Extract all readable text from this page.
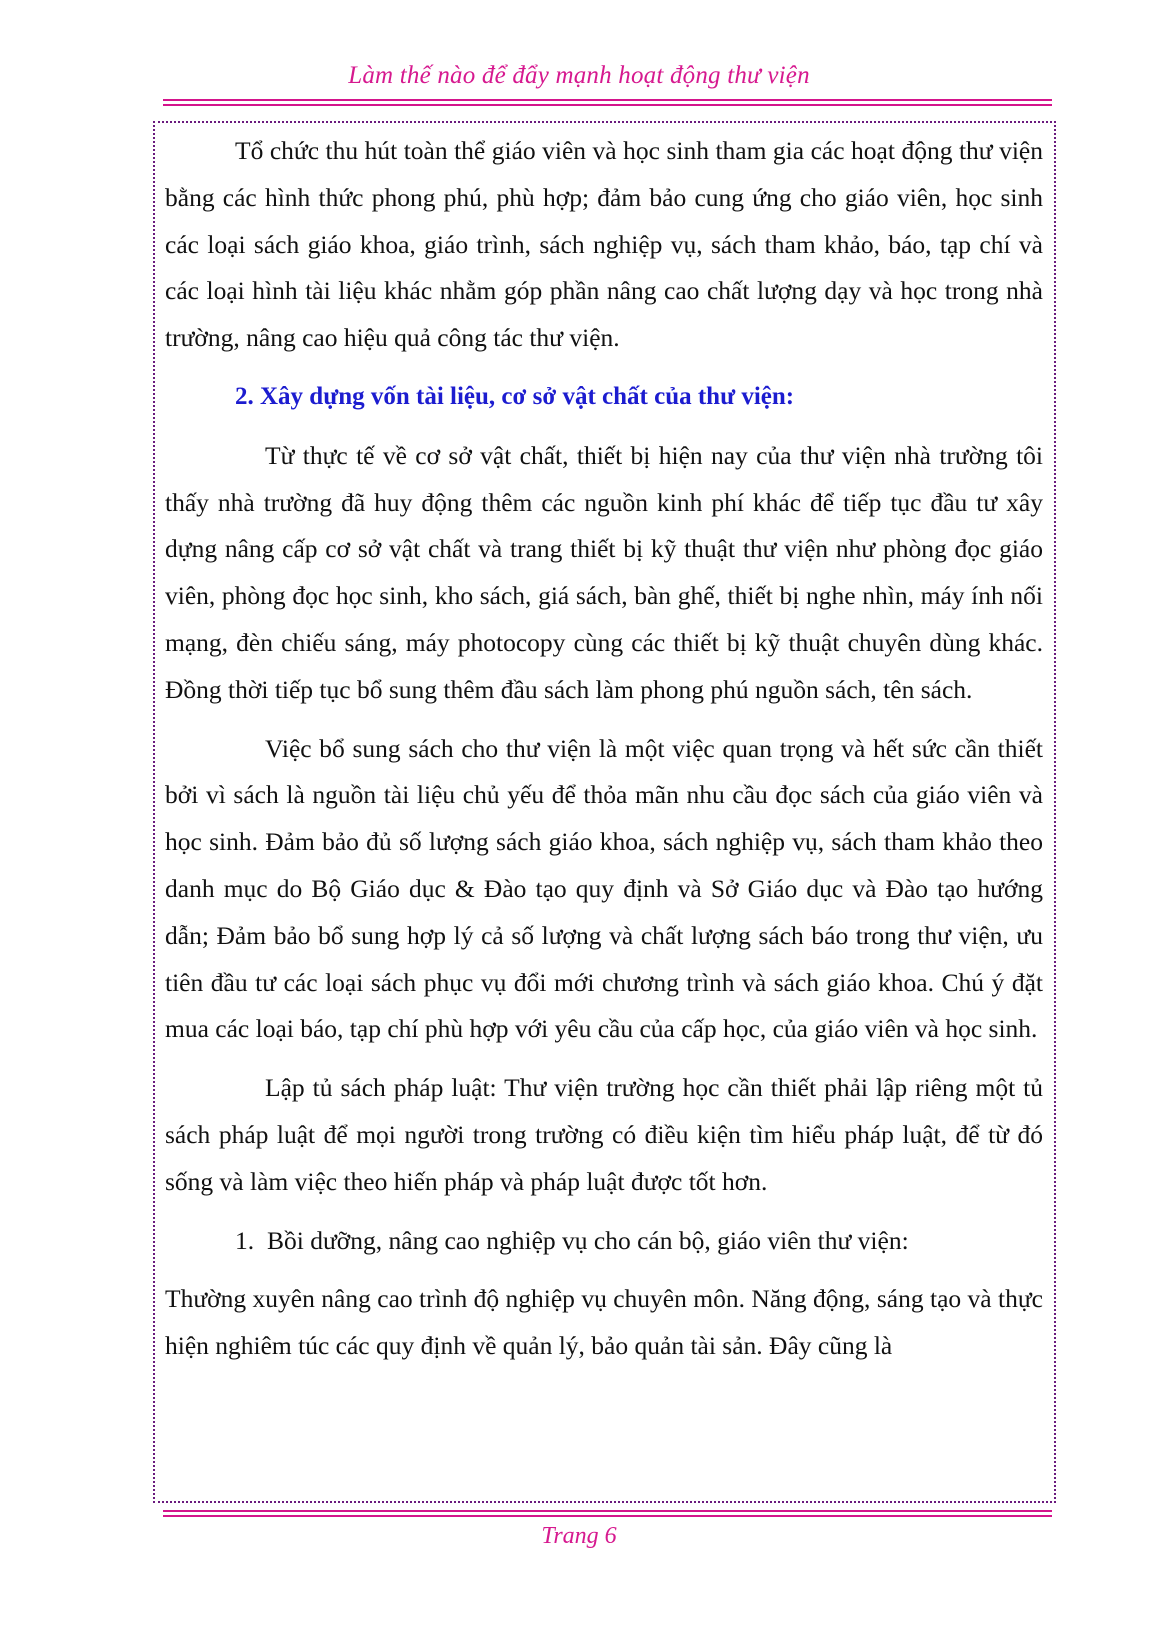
Làm thế nào để đẩy mạnh hoạt động thư viện

Tổ chức thu hút toàn thể giáo viên và học sinh tham gia các hoạt động thư viện bằng các hình thức phong phú, phù hợp; đảm bảo cung ứng cho giáo viên, học sinh các loại sách giáo khoa, giáo trình, sách nghiệp vụ, sách tham khảo, báo, tạp chí và các loại hình tài liệu khác nhằm góp phần nâng cao chất lượng dạy và học trong nhà trường, nâng cao hiệu quả công tác thư viện.

2. Xây dựng vốn tài liệu, cơ sở vật chất của thư viện:

Từ thực tế về cơ sở vật chất, thiết bị hiện nay của thư viện nhà trường tôi thấy nhà trường đã huy động thêm các nguồn kinh phí khác để tiếp tục đầu tư xây dựng nâng cấp cơ sở vật chất và trang thiết bị kỹ thuật thư viện như phòng đọc giáo viên, phòng đọc học sinh, kho sách, giá sách, bàn ghế, thiết bị nghe nhìn, máy ính nối mạng, đèn chiếu sáng, máy photocopy cùng các thiết bị kỹ thuật chuyên dùng khác. Đồng thời tiếp tục bổ sung thêm đầu sách làm phong phú nguồn sách, tên sách.

Việc bổ sung sách cho thư viện là một việc quan trọng và hết sức cần thiết bởi vì sách là nguồn tài liệu chủ yếu để thỏa mãn nhu cầu đọc sách của giáo viên và học sinh. Đảm bảo đủ số lượng sách giáo khoa, sách nghiệp vụ, sách tham khảo theo danh mục do Bộ Giáo dục & Đào tạo quy định và Sở Giáo dục và Đào tạo hướng dẫn; Đảm bảo bổ sung hợp lý cả số lượng và chất lượng sách báo trong thư viện, ưu tiên đầu tư các loại sách phục vụ đổi mới chương trình và sách giáo khoa. Chú ý đặt mua các loại báo, tạp chí phù hợp với yêu cầu của cấp học, của giáo viên và học sinh.

Lập tủ sách pháp luật: Thư viện trường học cần thiết phải lập riêng một tủ sách pháp luật để mọi người trong trường có điều kiện tìm hiểu pháp luật, để từ đó sống và làm việc theo hiến pháp và pháp luật được tốt hơn.

1. Bồi dưỡng, nâng cao nghiệp vụ cho cán bộ, giáo viên thư viện:

Thường xuyên nâng cao trình độ nghiệp vụ chuyên môn. Năng động, sáng tạo và thực hiện nghiêm túc các quy định về quản lý, bảo quản tài sản. Đây cũng là

Trang 6
